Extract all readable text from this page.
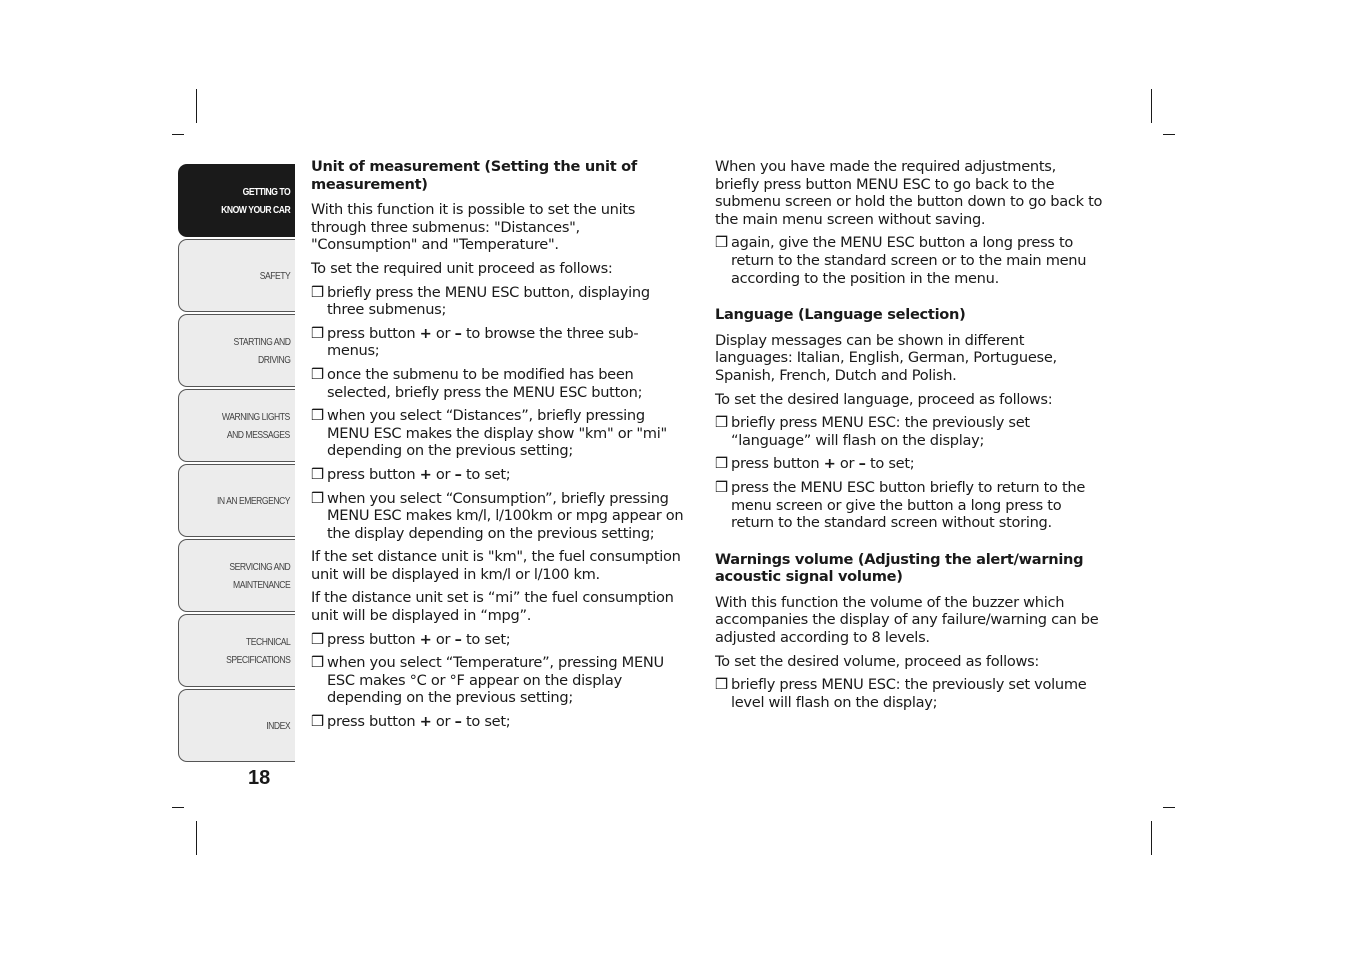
GETTING TO
KNOW YOUR CAR
SAFETY
STARTING AND
DRIVING
WARNING LIGHTS
AND MESSAGES
IN AN EMERGENCY
SERVICING AND
MAINTENANCE
TECHNICAL
SPECIFICATIONS
INDEX
18
Unit of measurement (Setting the unit of measurement)

With this function it is possible to set the units through three submenus: "Distances", "Consumption" and "Temperature".

To set the required unit proceed as follows:

❒ briefly press the MENU ESC button, displaying three submenus;
❒ press button + or – to browse the three sub-menus;
❒ once the submenu to be modified has been selected, briefly press the MENU ESC button;
❒ when you select “Distances”, briefly pressing MENU ESC makes the display show "km" or "mi" depending on the previous setting;
❒ press button + or – to set;
❒ when you select “Consumption”, briefly pressing MENU ESC makes km/l, l/100km or mpg appear on the display depending on the previous setting;

If the set distance unit is "km", the fuel consumption unit will be displayed in km/l or l/100 km.

If the distance unit set is “mi” the fuel consumption unit will be displayed in “mpg”.

❒ press button + or – to set;
❒ when you select “Temperature”, pressing MENU ESC makes °C or °F appear on the display depending on the previous setting;
❒ press button + or – to set;

When you have made the required adjustments, briefly press button MENU ESC to go back to the submenu screen or hold the button down to go back to the main menu screen without saving.

❒ again, give the MENU ESC button a long press to return to the standard screen or to the main menu according to the position in the menu.
Language (Language selection)

Display messages can be shown in different languages: Italian, English, German, Portuguese, Spanish, French, Dutch and Polish.

To set the desired language, proceed as follows:

❒ briefly press MENU ESC: the previously set “language” will flash on the display;
❒ press button + or – to set;
❒ press the MENU ESC button briefly to return to the menu screen or give the button a long press to return to the standard screen without storing.
Warnings volume (Adjusting the alert/warning acoustic signal volume)

With this function the volume of the buzzer which accompanies the display of any failure/warning can be adjusted according to 8 levels.

To set the desired volume, proceed as follows:

❒ briefly press MENU ESC: the previously set volume level will flash on the display;
